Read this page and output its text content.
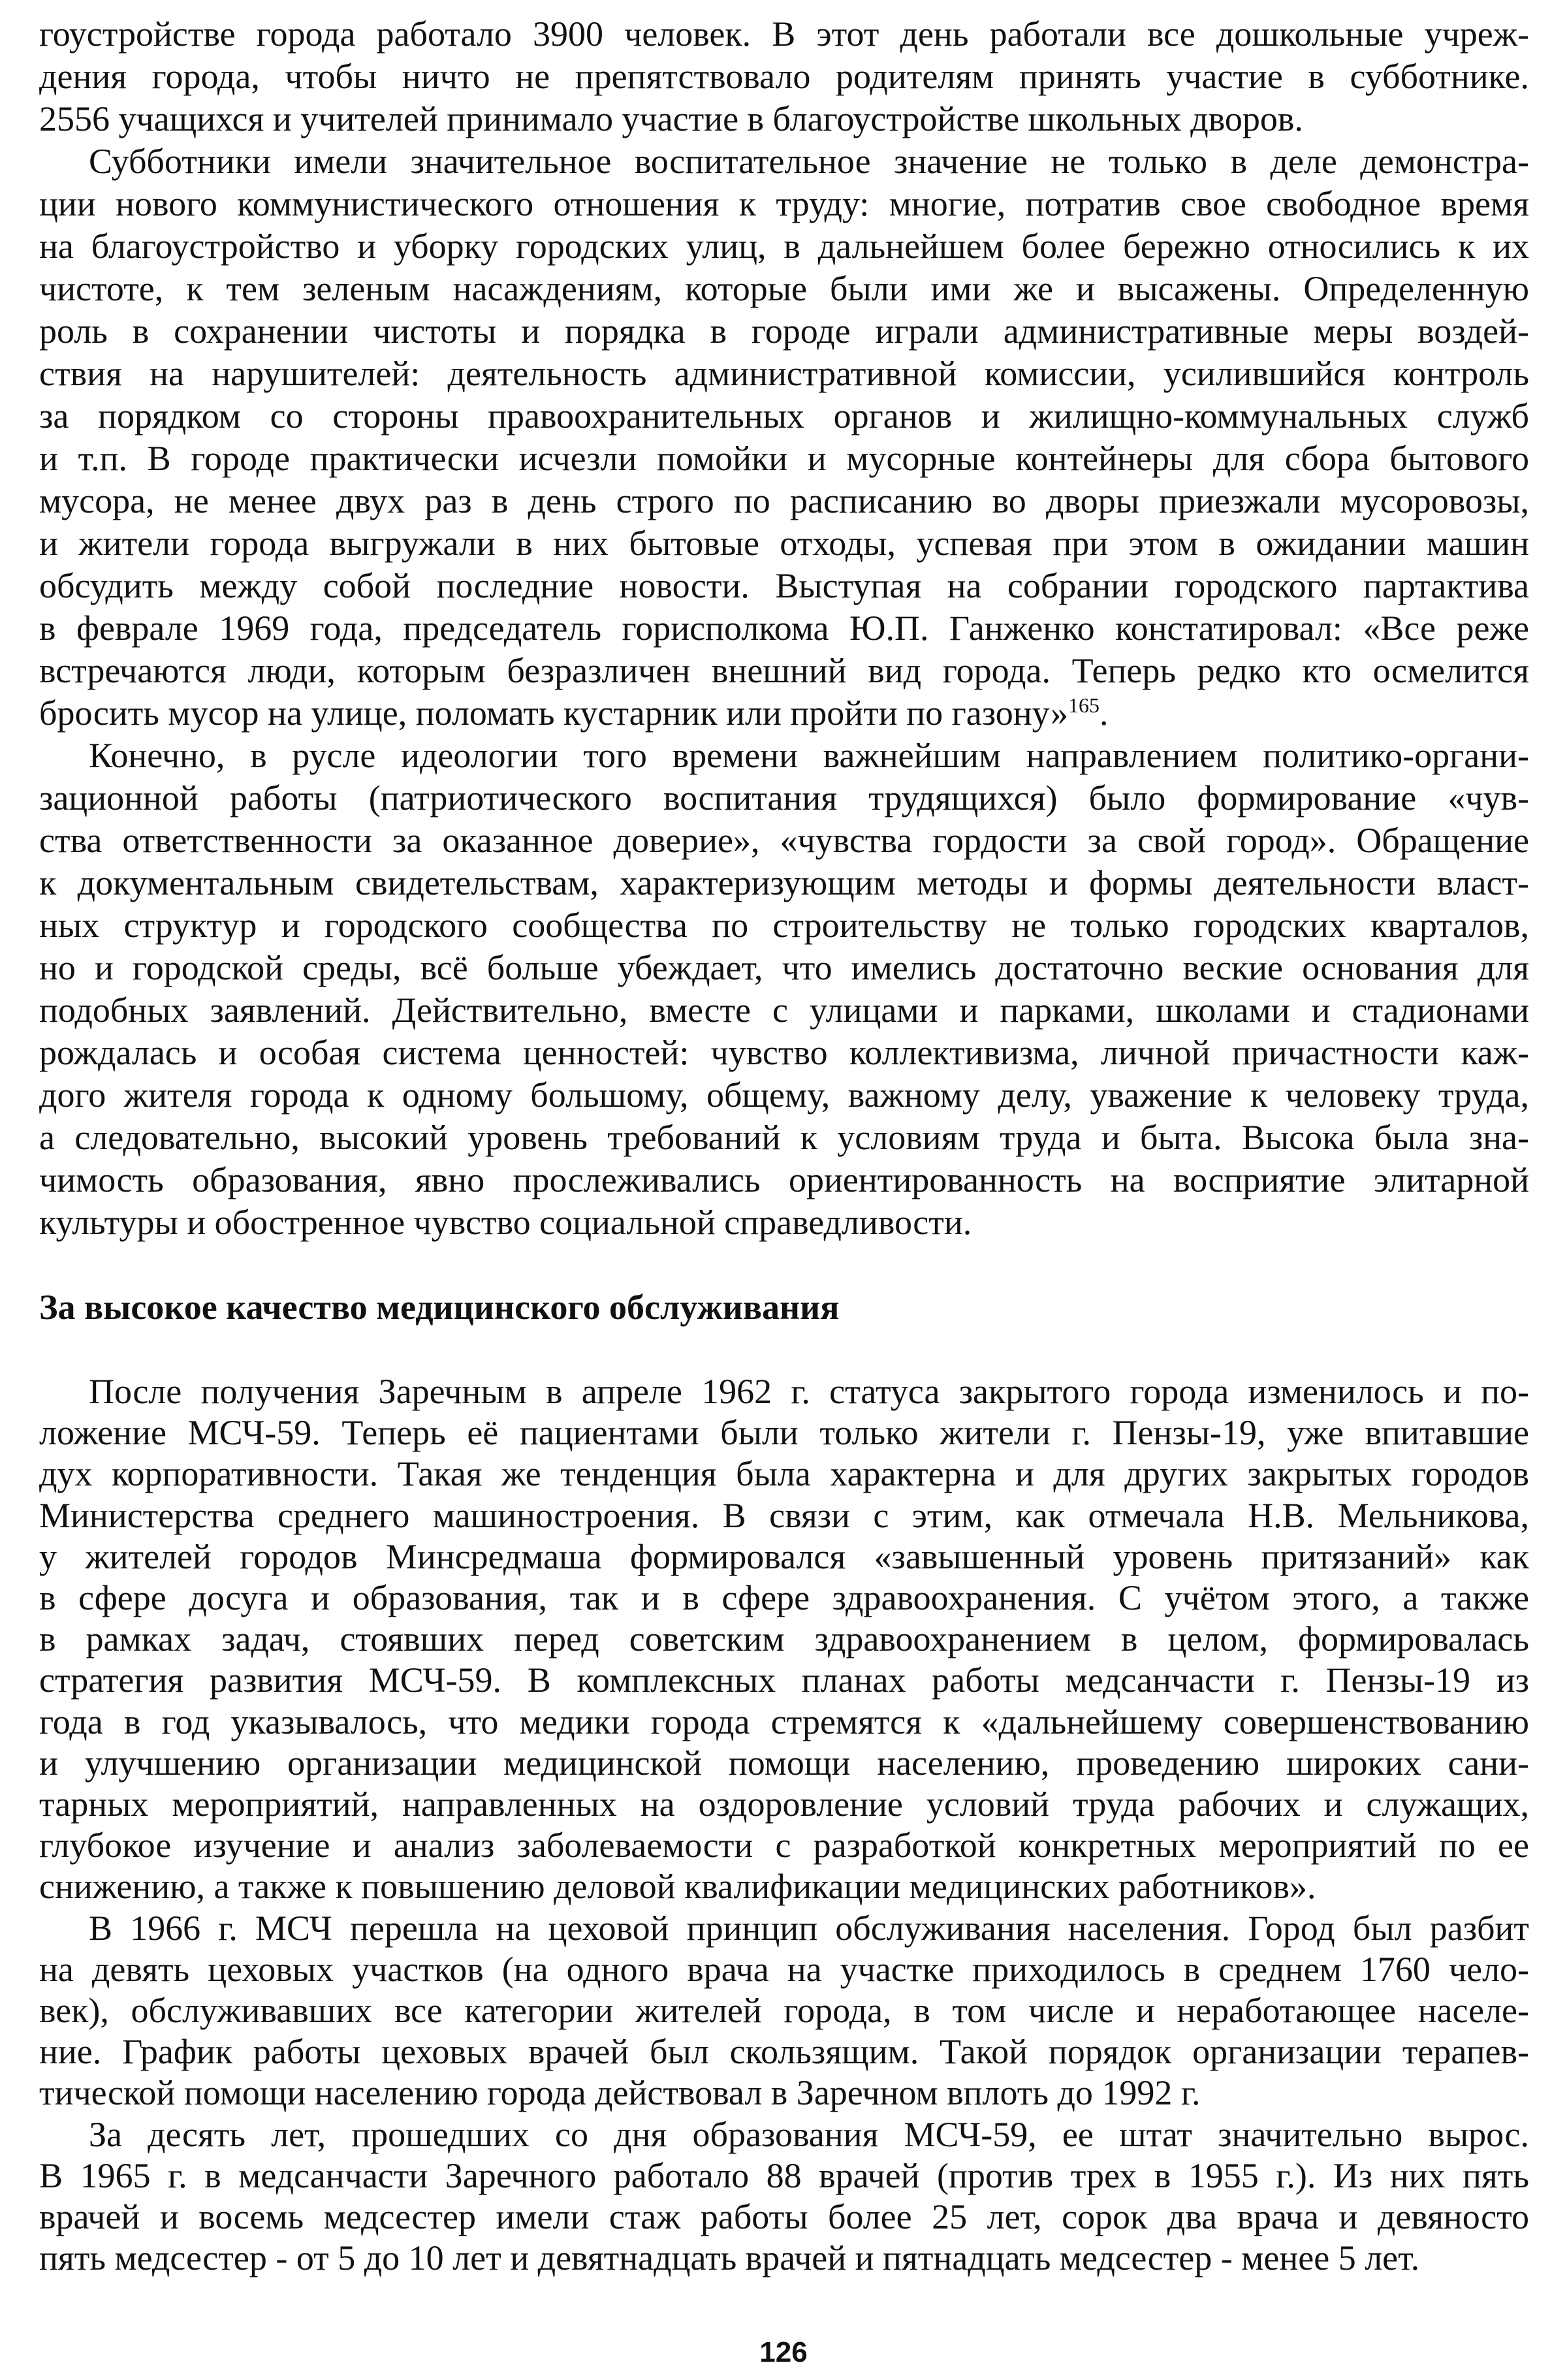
гоустройстве города работало 3900 человек. В этот день работали все дошкольные учреж-
дения города, чтобы ничто не препятствовало родителям принять участие в субботнике.
2556 учащихся и учителей принимало участие в благоустройстве школьных дворов.
Субботники имели значительное воспитательное значение не только в деле демонстра-
ции нового коммунистического отношения к труду: многие, потратив свое свободное время
на благоустройство и уборку городских улиц, в дальнейшем более бережно относились к их
чистоте, к тем зеленым насаждениям, которые были ими же и высажены. Определенную
роль в сохранении чистоты и порядка в городе играли административные меры воздей-
ствия на нарушителей: деятельность административной комиссии, усилившийся контроль
за порядком со стороны правоохранительных органов и жилищно-коммунальных служб
и т.п. В городе практически исчезли помойки и мусорные контейнеры для сбора бытового
мусора, не менее двух раз в день строго по расписанию во дворы приезжали мусоровозы,
и жители города выгружали в них бытовые отходы, успевая при этом в ожидании машин
обсудить между собой последние новости. Выступая на собрании городского партактива
в феврале 1969 года, председатель горисполкома Ю.П. Ганженко констатировал: «Все реже
встречаются люди, которым безразличен внешний вид города. Теперь редко кто осмелится
бросить мусор на улице, поломать кустарник или пройти по газону»$^{165}$.
Конечно, в русле идеологии того времени важнейшим направлением политико-органи-
зационной работы (патриотического воспитания трудящихся) было формирование «чув-
ства ответственности за оказанное доверие», «чувства гордости за свой город». Обращение
к документальным свидетельствам, характеризующим методы и формы деятельности власт-
ных структур и городского сообщества по строительству не только городских кварталов,
но и городской среды, всё больше убеждает, что имелись достаточно веские основания для
подобных заявлений. Действительно, вместе с улицами и парками, школами и стадионами
рождалась и особая система ценностей: чувство коллективизма, личной причастности каж-
дого жителя города к одному большому, общему, важному делу, уважение к человеку труда,
а следовательно, высокий уровень требований к условиям труда и быта. Высока была зна-
чимость образования, явно прослеживались ориентированность на восприятие элитарной
культуры и обостренное чувство социальной справедливости.
За высокое качество медицинского обслуживания
После получения Заречным в апреле 1962 г. статуса закрытого города изменилось и по-
ложение МСЧ-59. Теперь её пациентами были только жители г. Пензы-19, уже впитавшие
дух корпоративности. Такая же тенденция была характерна и для других закрытых городов
Министерства среднего машиностроения. В связи с этим, как отмечала Н.В. Мельникова,
у жителей городов Минсредмаша формировался «завышенный уровень притязаний» как
в сфере досуга и образования, так и в сфере здравоохранения. С учётом этого, а также
в рамках задач, стоявших перед советским здравоохранением в целом, формировалась
стратегия развития МСЧ-59. В комплексных планах работы медсанчасти г. Пензы-19 из
года в год указывалось, что медики города стремятся к «дальнейшему совершенствованию
и улучшению организации медицинской помощи населению, проведению широких сани-
тарных мероприятий, направленных на оздоровление условий труда рабочих и служащих,
глубокое изучение и анализ заболеваемости с разработкой конкретных мероприятий по ее
снижению, а также к повышению деловой квалификации медицинских работников».
В 1966 г. МСЧ перешла на цеховой принцип обслуживания населения. Город был разбит
на девять цеховых участков (на одного врача на участке приходилось в среднем 1760 чело-
век), обслуживавших все категории жителей города, в том числе и неработающее населе-
ние. График работы цеховых врачей был скользящим. Такой порядок организации терапев-
тической помощи населению города действовал в Заречном вплоть до 1992 г.
За десять лет, прошедших со дня образования МСЧ-59, ее штат значительно вырос.
В 1965 г. в медсанчасти Заречного работало 88 врачей (против трех в 1955 г.). Из них пять
врачей и восемь медсестер имели стаж работы более 25 лет, сорок два врача и девяносто
пять медсестер - от 5 до 10 лет и девятнадцать врачей и пятнадцать медсестер - менее 5 лет.
126
